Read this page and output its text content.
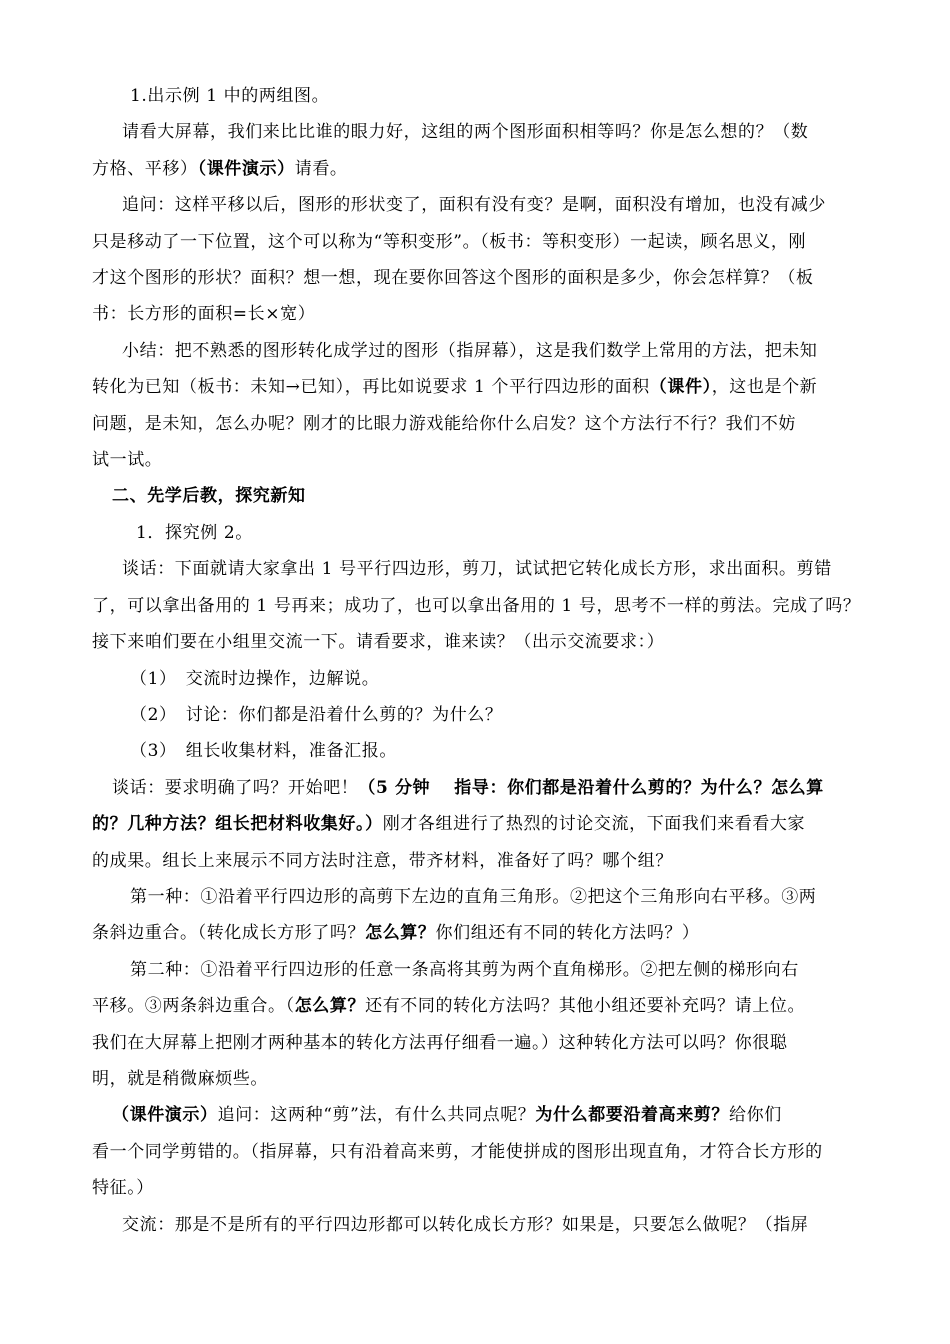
1.出示例 1 中的两组图。
请看大屏幕，我们来比比谁的眼力好，这组的两个图形面积相等吗？你是怎么想的？（数
方格、平移）（课件演示）请看。
追问：这样平移以后，图形的形状变了，面积有没有变？是啊，面积没有增加，也没有减少
只是移动了一下位置，这个可以称为“等积变形”。（板书：等积变形）一起读，顾名思义，刚
才这个图形的形状？面积？想一想，现在要你回答这个图形的面积是多少，你会怎样算？（板
书：长方形的面积=长×宽）
小结：把不熟悉的图形转化成学过的图形（指屏幕），这是我们数学上常用的方法，把未知
转化为已知（板书：未知→已知），再比如说要求 1 个平行四边形的面积（课件），这也是个新
问题，是未知，怎么办呢？刚才的比眼力游戏能给你什么启发？这个方法行不行？我们不妨
试一试。
二、先学后教，探究新知
1．探究例 2。
谈话：下面就请大家拿出 1 号平行四边形，剪刀，试试把它转化成长方形，求出面积。剪错
了，可以拿出备用的 1 号再来；成功了，也可以拿出备用的 1 号，思考不一样的剪法。完成了吗？
接下来咱们要在小组里交流一下。请看要求，谁来读？（出示交流要求：）
（1）　交流时边操作，边解说。
（2）　讨论：你们都是沿着什么剪的？为什么？
（3）　组长收集材料，准备汇报。
谈话：要求明确了吗？开始吧！（5 分钟　 指导：你们都是沿着什么剪的？为什么？怎么算
的？几种方法？组长把材料收集好。）刚才各组进行了热烈的讨论交流，下面我们来看看大家
的成果。组长上来展示不同方法时注意，带齐材料，准备好了吗？哪个组？
第一种：①沿着平行四边形的高剪下左边的直角三角形。②把这个三角形向右平移。③两
条斜边重合。（转化成长方形了吗？怎么算？你们组还有不同的转化方法吗？）
第二种：①沿着平行四边形的任意一条高将其剪为两个直角梯形。②把左侧的梯形向右
平移。③两条斜边重合。（怎么算？还有不同的转化方法吗？其他小组还要补充吗？请上位。
我们在大屏幕上把刚才两种基本的转化方法再仔细看一遍。）这种转化方法可以吗？你很聪
明，就是稍微麻烦些。
（课件演示）追问：这两种“剪”法，有什么共同点呢？为什么都要沿着高来剪？给你们
看一个同学剪错的。（指屏幕，只有沿着高来剪，才能使拼成的图形出现直角，才符合长方形的
特征。）
交流：那是不是所有的平行四边形都可以转化成长方形？如果是，只要怎么做呢？（指屏
